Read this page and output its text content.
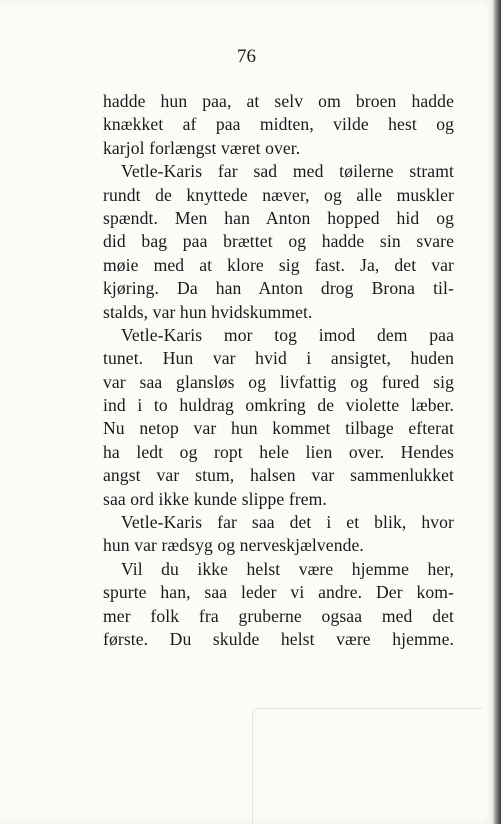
76
hadde hun paa, at selv om broen hadde
knækket af paa midten, vilde hest og
karjol forlængst været over.
Vetle-Karis far sad med tøilerne stramt
rundt de knyttede næver, og alle muskler
spændt. Men han Anton hopped hid og
did bag paa brættet og hadde sin svare
møie med at klore sig fast. Ja, det var
kjøring. Da han Anton drog Brona til-
stalds, var hun hvidskummet.
Vetle-Karis mor tog imod dem paa
tunet. Hun var hvid i ansigtet, huden
var saa glansløs og livfattig og fured sig
ind i to huldrag omkring de violette læber.
Nu netop var hun kommet tilbage efterat
ha ledt og ropt hele lien over. Hendes
angst var stum, halsen var sammenlukket
saa ord ikke kunde slippe frem.
Vetle-Karis far saa det i et blik, hvor
hun var rædsyg og nerveskjælvende.
Vil du ikke helst være hjemme her,
spurte han, saa leder vi andre. Der kom-
mer folk fra gruberne ogsaa med det
første. Du skulde helst være hjemme.
